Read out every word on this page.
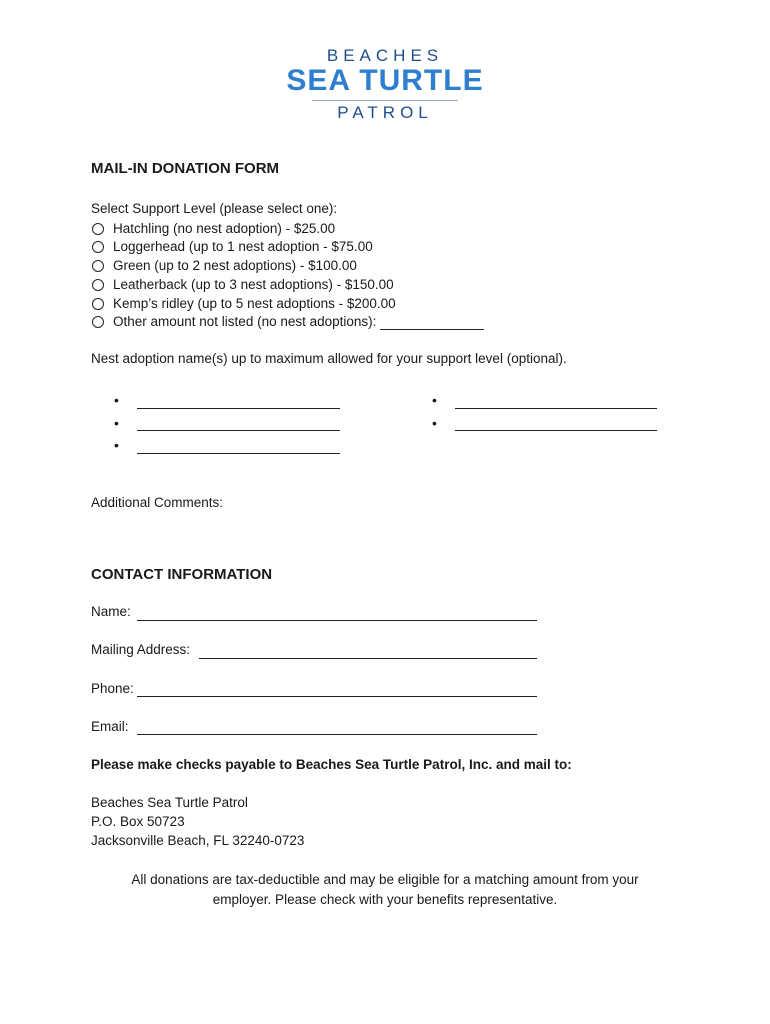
BEACHES
SEA TURTLE
PATROL
MAIL-IN DONATION FORM
Select Support Level (please select one):
Hatchling (no nest adoption) - $25.00
Loggerhead (up to 1 nest adoption - $75.00
Green (up to 2 nest adoptions) - $100.00
Leatherback (up to 3 nest adoptions) - $150.00
Kemp’s ridley (up to 5 nest adoptions - $200.00
Other amount not listed (no nest adoptions):
Nest adoption name(s) up to maximum allowed for your support level (optional).
•
•
•
•
•
Additional Comments:
CONTACT INFORMATION
Name:
Mailing Address:
Phone:
Email:
Please make checks payable to Beaches Sea Turtle Patrol, Inc. and mail to:
Beaches Sea Turtle Patrol
P.O. Box 50723
Jacksonville Beach, FL 32240-0723
All donations are tax-deductible and may be eligible for a matching amount from your
employer. Please check with your benefits representative.
